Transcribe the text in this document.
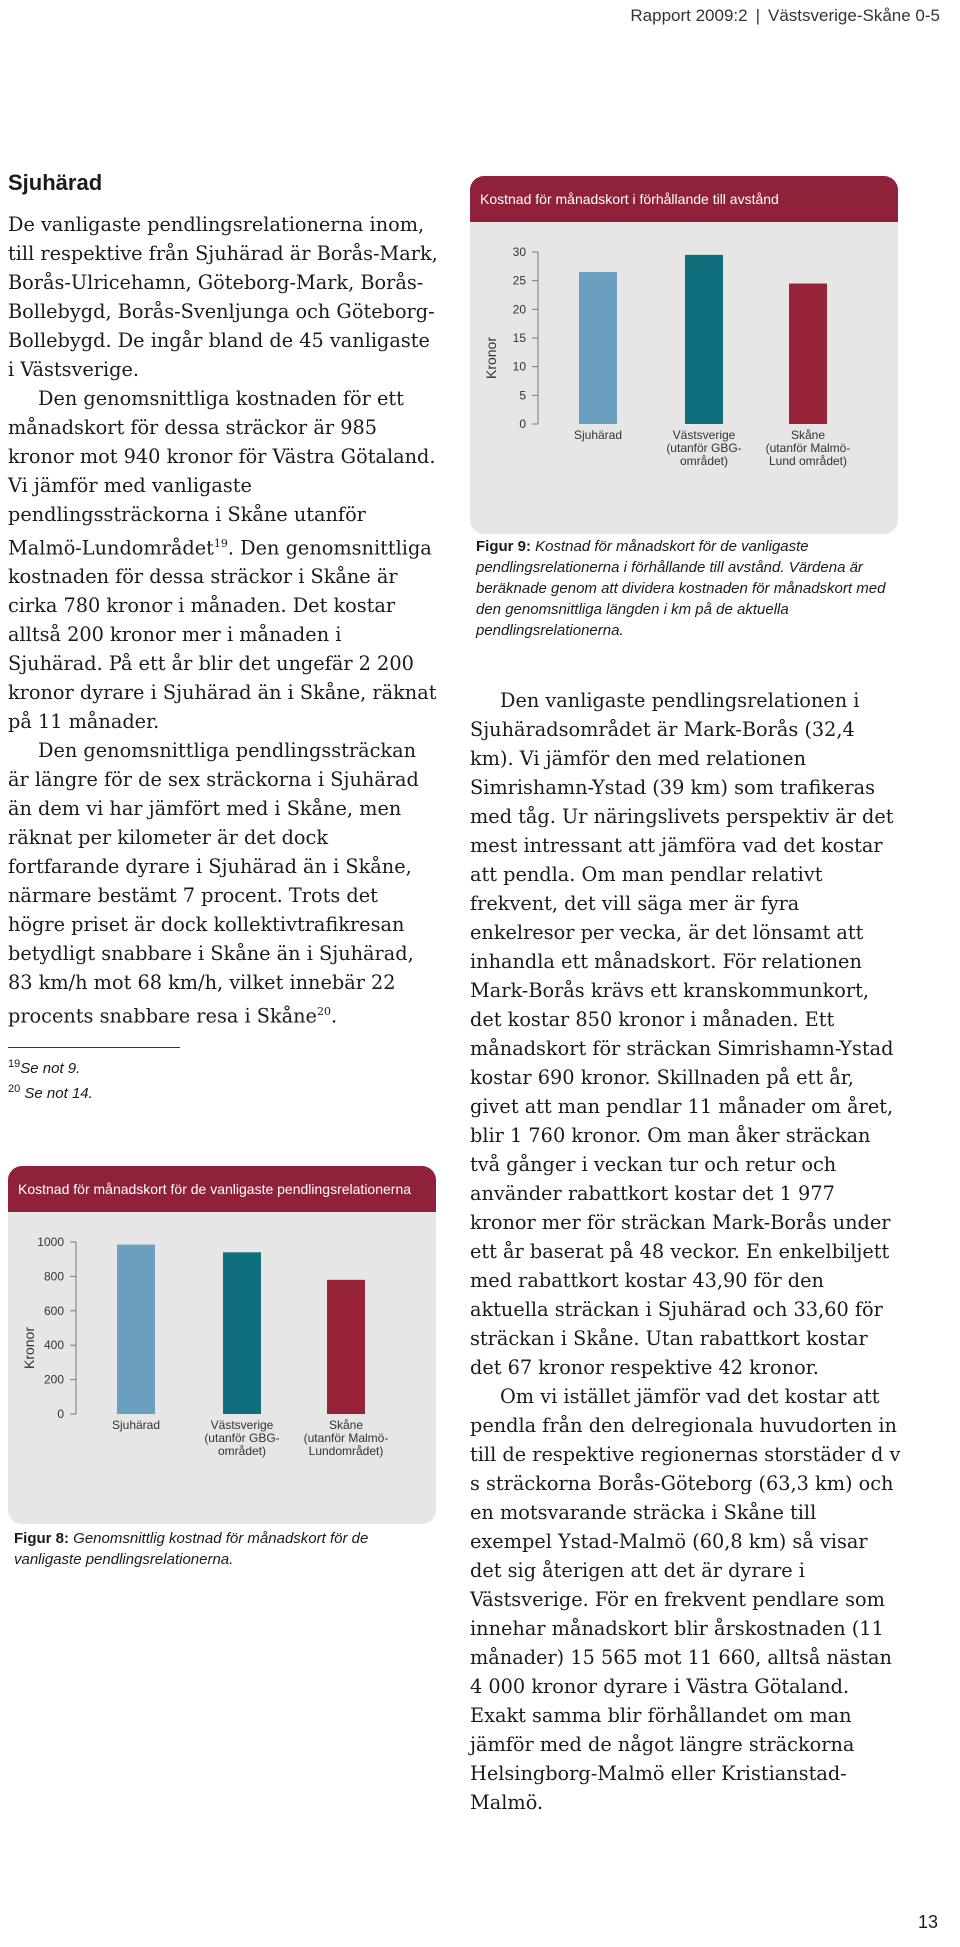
Rapport 2009:2 | Västsverige-Skåne 0-5
Sjuhärad

De vanligaste pendlingsrelationerna inom, till respektive från Sjuhärad är Borås-Mark, Borås-Ulricehamn, Göteborg-Mark, Borås-Bollebygd, Borås-Svenljunga och Göteborg-Bollebygd. De ingår bland de 45 vanligaste i Västsverige.

Den genomsnittliga kostnaden för ett månadskort för dessa sträckor är 985 kronor mot 940 kronor för Västra Götaland. Vi jämför med vanligaste pendlingssträckorna i Skåne utanför Malmö-Lundområdet$^{19}$. Den genomsnittliga kostnaden för dessa sträckor i Skåne är cirka 780 kronor i månaden. Det kostar alltså 200 kronor mer i månaden i Sjuhärad. På ett år blir det ungefär 2 200 kronor dyrare i Sjuhärad än i Skåne, räknat på 11 månader.

Den genomsnittliga pendlingssträckan är längre för de sex sträckorna i Sjuhärad än dem vi har jämfört med i Skåne, men räknat per kilometer är det dock fortfarande dyrare i Sjuhärad än i Skåne, närmare bestämt 7 procent. Trots det högre priset är dock kollektivtrafikresan betydligt snabbare i Skåne än i Sjuhärad, 83 km/h mot 68 km/h, vilket innebär 22 procents snabbare resa i Skåne$^{20}$.

$^{19}$Se not 9.
$^{20}$ Se not 14.
Kostnad för månadskort i förhållande till avstånd
Kronor
0
5
10
15
20
25
30
Sjuhärad	Västsverige (utanför GBG-området)
Skåne (utanför Malmö-Lund området)
Figur 9: Kostnad för månadskort för de vanligaste pendlingsrelationerna i förhållande till avstånd. Värdena är beräknade genom att dividera kostnaden för månadskort med den genomsnittliga längden i km på de aktuella pendlingsrelationerna.

Den vanligaste pendlingsrelationen i Sjuhäradsområdet är Mark-Borås (32,4 km). Vi jämför den med relationen Simrishamn-Ystad (39 km) som trafikeras med tåg. Ur näringslivets perspektiv är det mest intressant att jämföra vad det kostar att pendla. Om man pendlar relativt frekvent, det vill säga mer är fyra enkelresor per vecka, är det lönsamt att inhandla ett månadskort. För relationen Mark-Borås krävs ett kranskommunkort, det kostar 850 kronor i månaden. Ett månadskort för sträckan Simrishamn-Ystad kostar 690 kronor. Skillnaden på ett år, givet att man pendlar 11 månader om året, blir 1 760 kronor. Om man åker sträckan två gånger i veckan tur och retur och använder rabattkort kostar det 1 977 kronor mer för sträckan Mark-Borås under ett år baserat på 48 veckor. En enkelbiljett med rabattkort kostar 43,90 för den aktuella sträckan i Sjuhärad och 33,60 för sträckan i Skåne. Utan rabattkort kostar det 67 kronor respektive 42 kronor.

Om vi istället jämför vad det kostar att pendla från den delregionala huvudorten in till de respektive regionernas storstäder d v s sträckorna Borås-Göteborg (63,3 km) och en motsvarande sträcka i Skåne till exempel Ystad-Malmö (60,8 km) så visar det sig återigen att det är dyrare i Västsverige. För en frekvent pendlare som innehar månadskort blir årskostnaden (11 månader) 15 565 mot 11 660, alltså nästan 4 000 kronor dyrare i Västra Götaland. Exakt samma blir förhållandet om man jämför med de något längre sträckorna Helsingborg-Malmö eller Kristianstad-Malmö.

Kostnad för månadskort för de vanligaste pendlingsrelationerna
Kronor
0
200
400
600
800
1000
Sjuhärad	Västsverige (utanför GBG-området)
Skåne (utanför Malmö-Lundområdet)
Figur 8: Genomsnittlig kostnad för månadskort för de vanligaste pendlingsrelationerna.
13
